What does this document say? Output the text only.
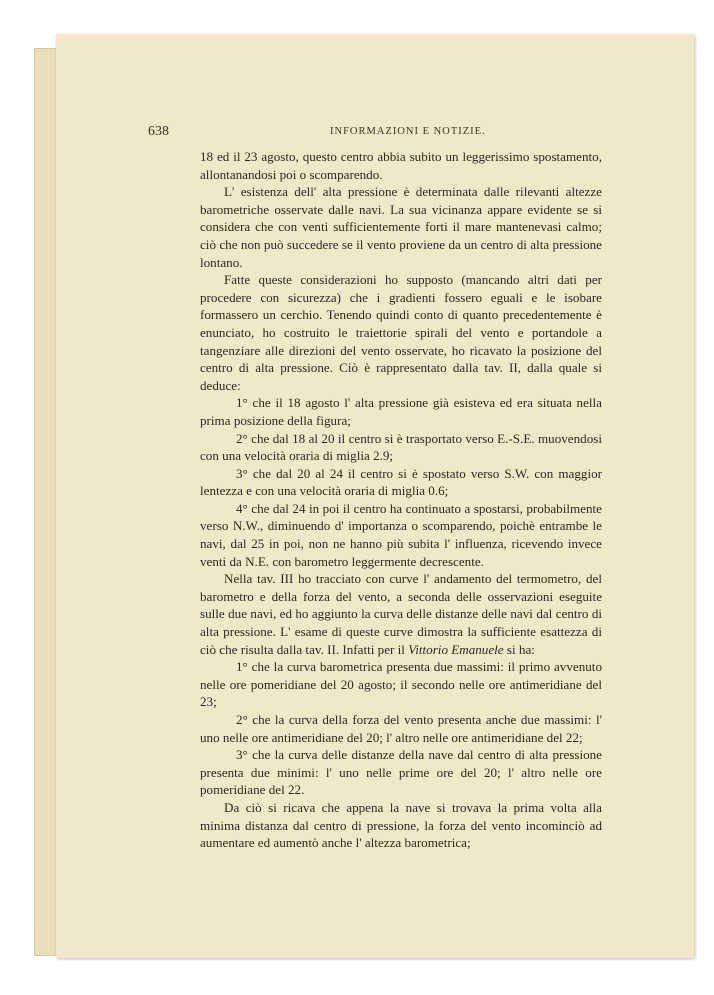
638	INFORMAZIONI E NOTIZIE.

18 ed il 23 agosto, questo centro abbia subito un leggerissimo spostamento, allontanandosi poi o scomparendo.

L' esistenza dell' alta pressione è determinata dalle rilevanti altezze barometriche osservate dalle navi. La sua vicinanza appare evidente se si considera che con venti sufficientemente forti il mare mantenevasi calmo; ciò che non può succedere se il vento proviene da un centro di alta pressione lontano.

Fatte queste considerazioni ho supposto (mancando altri dati per procedere con sicurezza) che i gradienti fossero eguali e le isobare formassero un cerchio. Tenendo quindi conto di quanto precedentemente è enunciato, ho costruito le traiettorie spirali del vento e portandole a tangenziare alle direzioni del vento osservate, ho ricavato la posizione del centro di alta pressione. Ciò è rappresentato dalla tav. II, dalla quale si deduce:

1° che il 18 agosto l' alta pressione già esisteva ed era situata nella prima posizione della figura;

2° che dal 18 al 20 il centro si è trasportato verso E.-S.E. muovendosi con una velocità oraria di miglia 2.9;

3° che dal 20 al 24 il centro si è spostato verso S.W. con maggior lentezza e con una velocità oraria di miglia 0.6;

4° che dal 24 in poi il centro ha continuato a spostarsi, probabilmente verso N.W., diminuendo d' importanza o scomparendo, poichè entrambe le navi, dal 25 in poi, non ne hanno più subita l' influenza, ricevendo invece venti da N.E. con barometro leggermente decrescente.

Nella tav. III ho tracciato con curve l' andamento del termometro, del barometro e della forza del vento, a seconda delle osservazioni eseguite sulle due navi, ed ho aggiunto la curva delle distanze delle navi dal centro di alta pressione. L' esame di queste curve dimostra la sufficiente esattezza di ciò che risulta dalla tav. II. Infatti per il Vittorio Emanuele si ha:

1° che la curva barometrica presenta due massimi: il primo avvenuto nelle ore pomeridiane del 20 agosto; il secondo nelle ore antimeridiane del 23;

2° che la curva della forza del vento presenta anche due massimi: l' uno nelle ore antimeridiane del 20; l' altro nelle ore antimeridiane del 22;

3° che la curva delle distanze della nave dal centro di alta pressione presenta due minimi: l' uno nelle prime ore del 20; l' altro nelle ore pomeridiane del 22.

Da ciò si ricava che appena la nave si trovava la prima volta alla minima distanza dal centro di pressione, la forza del vento incominciò ad aumentare ed aumentò anche l' altezza barometrica;
